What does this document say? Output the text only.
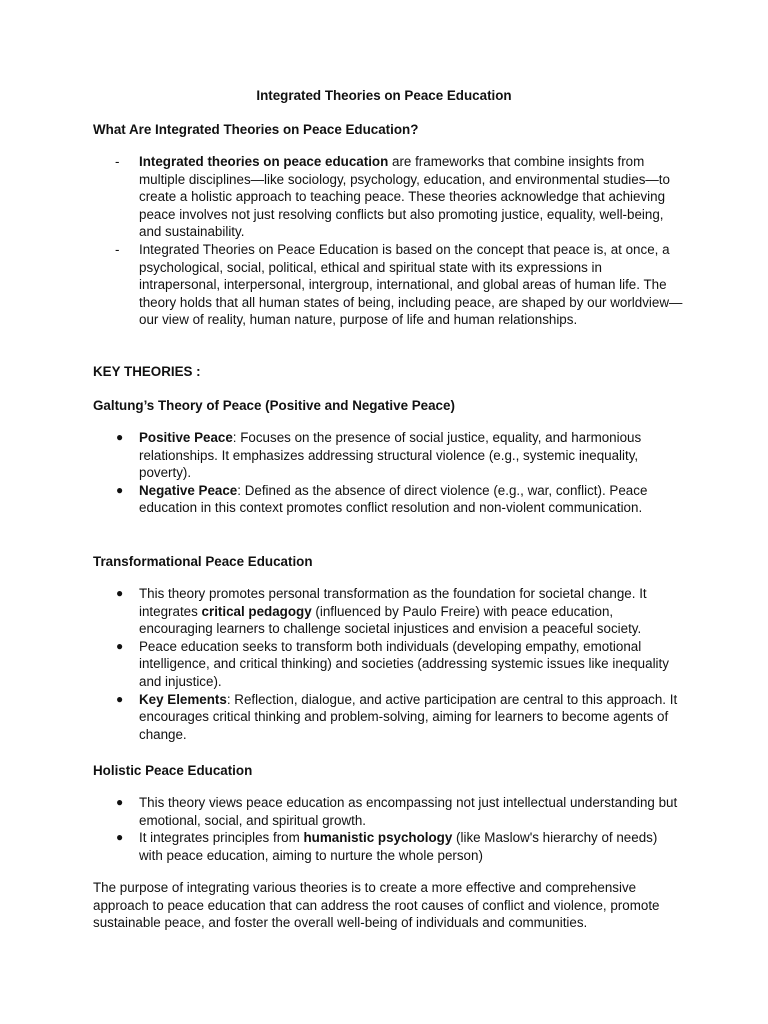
Integrated Theories on Peace Education
What Are Integrated Theories on Peace Education?
- Integrated theories on peace education are frameworks that combine insights from multiple disciplines—like sociology, psychology, education, and environmental studies—to create a holistic approach to teaching peace. These theories acknowledge that achieving peace involves not just resolving conflicts but also promoting justice, equality, well-being, and sustainability.
- Integrated Theories on Peace Education is based on the concept that peace is, at once, a psychological, social, political, ethical and spiritual state with its expressions in intrapersonal, interpersonal, intergroup, international, and global areas of human life. The theory holds that all human states of being, including peace, are shaped by our worldview—our view of reality, human nature, purpose of life and human relationships.
KEY THEORIES :
Galtung’s Theory of Peace (Positive and Negative Peace)
● Positive Peace: Focuses on the presence of social justice, equality, and harmonious relationships. It emphasizes addressing structural violence (e.g., systemic inequality, poverty).
● Negative Peace: Defined as the absence of direct violence (e.g., war, conflict). Peace education in this context promotes conflict resolution and non-violent communication.
Transformational Peace Education
● This theory promotes personal transformation as the foundation for societal change. It integrates critical pedagogy (influenced by Paulo Freire) with peace education, encouraging learners to challenge societal injustices and envision a peaceful society.
● Peace education seeks to transform both individuals (developing empathy, emotional intelligence, and critical thinking) and societies (addressing systemic issues like inequality and injustice).
● Key Elements: Reflection, dialogue, and active participation are central to this approach. It encourages critical thinking and problem-solving, aiming for learners to become agents of change.
Holistic Peace Education
● This theory views peace education as encompassing not just intellectual understanding but emotional, social, and spiritual growth.
● It integrates principles from humanistic psychology (like Maslow's hierarchy of needs) with peace education, aiming to nurture the whole person)
The purpose of integrating various theories is to create a more effective and comprehensive approach to peace education that can address the root causes of conflict and violence, promote sustainable peace, and foster the overall well-being of individuals and communities.
